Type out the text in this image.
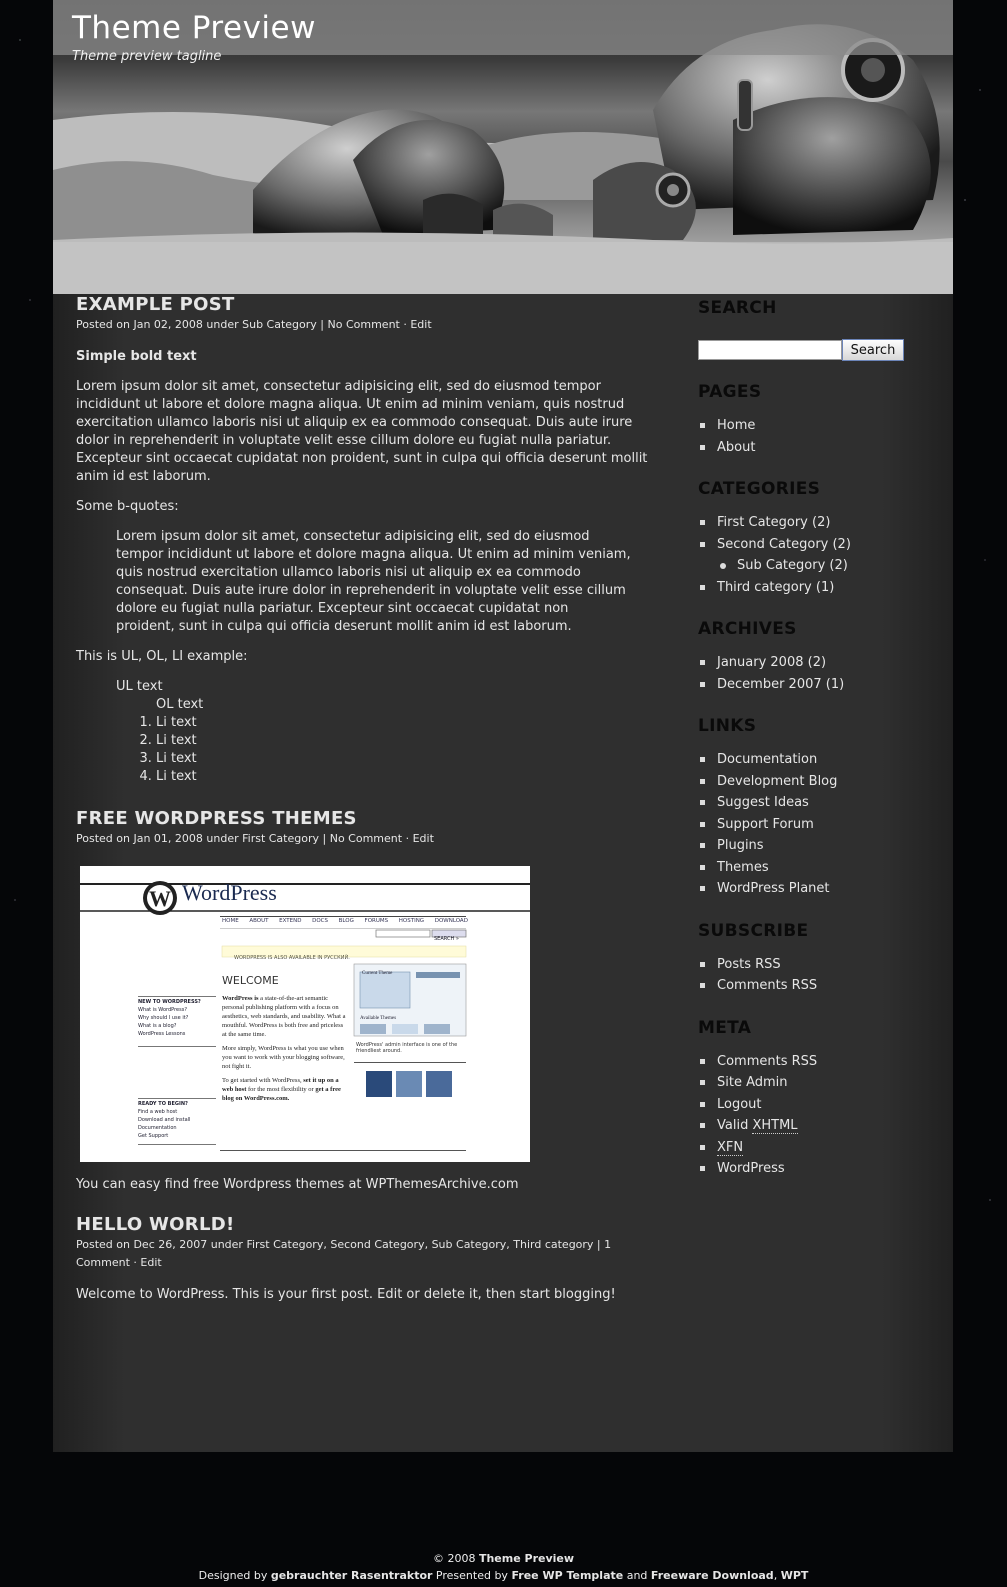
Theme Preview
Theme preview tagline
EXAMPLE POST
Posted on Jan 02, 2008 under Sub Category | No Comment · Edit

Simple bold text

Lorem ipsum dolor sit amet, consectetur adipisicing elit, sed do eiusmod tempor incididunt ut labore et dolore magna aliqua. Ut enim ad minim veniam, quis nostrud exercitation ullamco laboris nisi ut aliquip ex ea commodo consequat. Duis aute irure dolor in reprehenderit in voluptate velit esse cillum dolore eu fugiat nulla pariatur. Excepteur sint occaecat cupidatat non proident, sunt in culpa qui officia deserunt mollit anim id est laborum.

Some b-quotes:

Lorem ipsum dolor sit amet, consectetur adipisicing elit, sed do eiusmod tempor incididunt ut labore et dolore magna aliqua. Ut enim ad minim veniam, quis nostrud exercitation ullamco laboris nisi ut aliquip ex ea commodo consequat. Duis aute irure dolor in reprehenderit in voluptate velit esse cillum dolore eu fugiat nulla pariatur. Excepteur sint occaecat cupidatat non proident, sunt in culpa qui officia deserunt mollit anim id est laborum.

This is UL, OL, LI example:

UL text
OL text
1. Li text
2. Li text
3. Li text
4. Li text
FREE WORDPRESS THEMES
Posted on Jan 01, 2008 under First Category | No Comment · Edit
W WordPress
HOME ABOUT EXTEND DOCS BLOG FORUMS HOSTING DOWNLOAD
SEARCH »
WORDPRESS IS ALSO AVAILABLE IN РУССКИЙ.
WELCOME
NEW TO WORDPRESS?
What is WordPress?
Why should I use it?
What is a blog?
WordPress Lessons
READY TO BEGIN?
Find a web host
Download and install
Documentation
Get Support
WordPress is a state-of-the-art semantic personal publishing platform with a focus on aesthetics, web standards, and usability. What a mouthful. WordPress is both free and priceless at the same time.
More simply, WordPress is what you use when you want to work with your blogging software, not fight it.
To get started with WordPress, set it up on a web host for the most flexibility or get a free blog on WordPress.com.
Current Theme
Available Themes
WordPress' admin interface is one of the friendliest around.

You can easy find free Wordpress themes at WPThemesArchive.com

HELLO WORLD!
Posted on Dec 26, 2007 under First Category, Second Category, Sub Category, Third category | 1 Comment · Edit

Welcome to WordPress. This is your first post. Edit or delete it, then start blogging!

SEARCH
Search
PAGES
Home
About
CATEGORIES
First Category (2)
Second Category (2)
Sub Category (2)
Third category (1)
ARCHIVES
January 2008 (2)
December 2007 (1)
LINKS
Documentation
Development Blog
Suggest Ideas
Support Forum
Plugins
Themes
WordPress Planet
SUBSCRIBE
Posts RSS
Comments RSS
META
Comments RSS
Site Admin
Logout
Valid XHTML
XFN
WordPress
© 2008 Theme Preview
Designed by gebrauchter Rasentraktor Presented by Free WP Template and Freeware Download, WPT
